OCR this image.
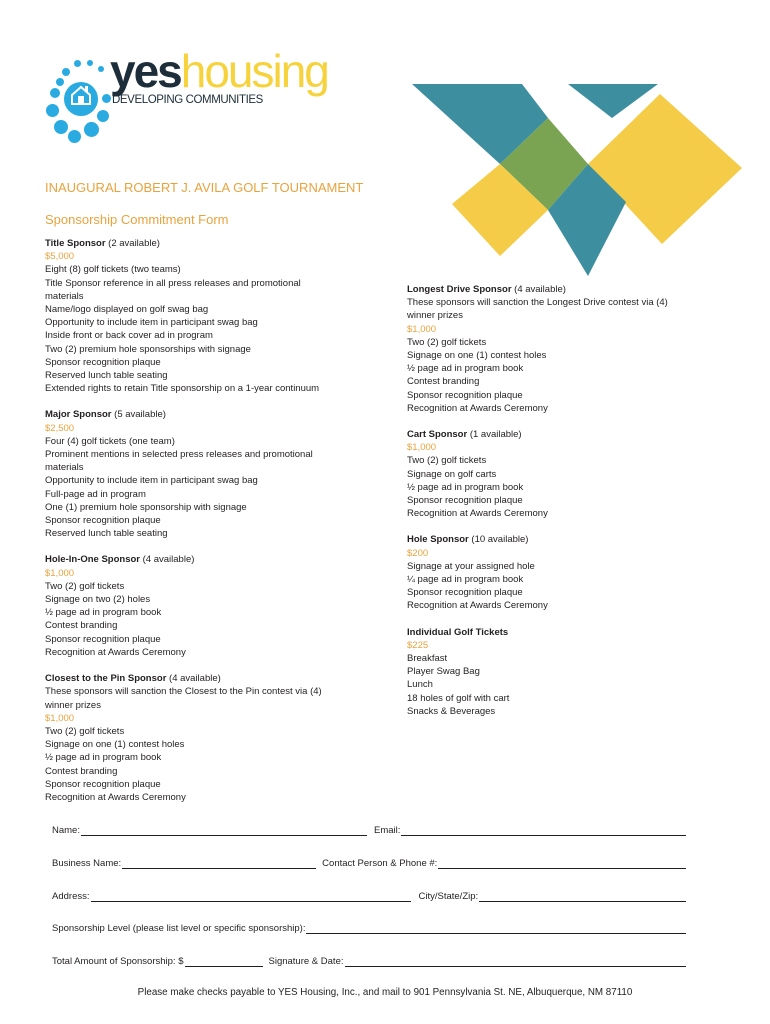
yeshousing
DEVELOPING COMMUNITIES
INAUGURAL ROBERT J. AVILA GOLF TOURNAMENT
Sponsorship Commitment Form

Title Sponsor (2 available)

$5,000

Eight (8) golf tickets (two teams)

Title Sponsor reference in all press releases and promotional

materials

Name/logo displayed on golf swag bag

Opportunity to include item in participant swag bag

Inside front or back cover ad in program

Two (2) premium hole sponsorships with signage

Sponsor recognition plaque

Reserved lunch table seating

Extended rights to retain Title sponsorship on a 1-year continuum

Major Sponsor (5 available)

$2,500

Four (4) golf tickets (one team)

Prominent mentions in selected press releases and promotional

materials

Opportunity to include item in participant swag bag

Full-page ad in program

One (1) premium hole sponsorship with signage

Sponsor recognition plaque

Reserved lunch table seating

Hole-In-One Sponsor (4 available)

$1,000

Two (2) golf tickets

Signage on two (2) holes

½ page ad in program book

Contest branding

Sponsor recognition plaque

Recognition at Awards Ceremony

Closest to the Pin Sponsor (4 available)

These sponsors will sanction the Closest to the Pin contest via (4)

winner prizes

$1,000

Two (2) golf tickets

Signage on one (1) contest holes

½ page ad in program book

Contest branding

Sponsor recognition plaque

Recognition at Awards Ceremony

Longest Drive Sponsor (4 available)

These sponsors will sanction the Longest Drive contest via (4)

winner prizes

$1,000

Two (2) golf tickets

Signage on one (1) contest holes

½ page ad in program book

Contest branding

Sponsor recognition plaque

Recognition at Awards Ceremony

Cart Sponsor (1 available)

$1,000

Two (2) golf tickets

Signage on golf carts

½ page ad in program book

Sponsor recognition plaque

Recognition at Awards Ceremony

Hole Sponsor (10 available)

$200

Signage at your assigned hole

¼ page ad in program book

Sponsor recognition plaque

Recognition at Awards Ceremony

Individual Golf Tickets

$225

Breakfast

Player Swag Bag

Lunch

18 holes of golf with cart

Snacks & Beverages

Name:	Email:
Business Name:	Contact Person & Phone #:
Address:	City/State/Zip:
Sponsorship Level (please list level or specific sponsorship):
Total Amount of Sponsorship: $	Signature & Date:
Please make checks payable to YES Housing, Inc., and mail to 901 Pennsylvania St. NE, Albuquerque, NM 87110
